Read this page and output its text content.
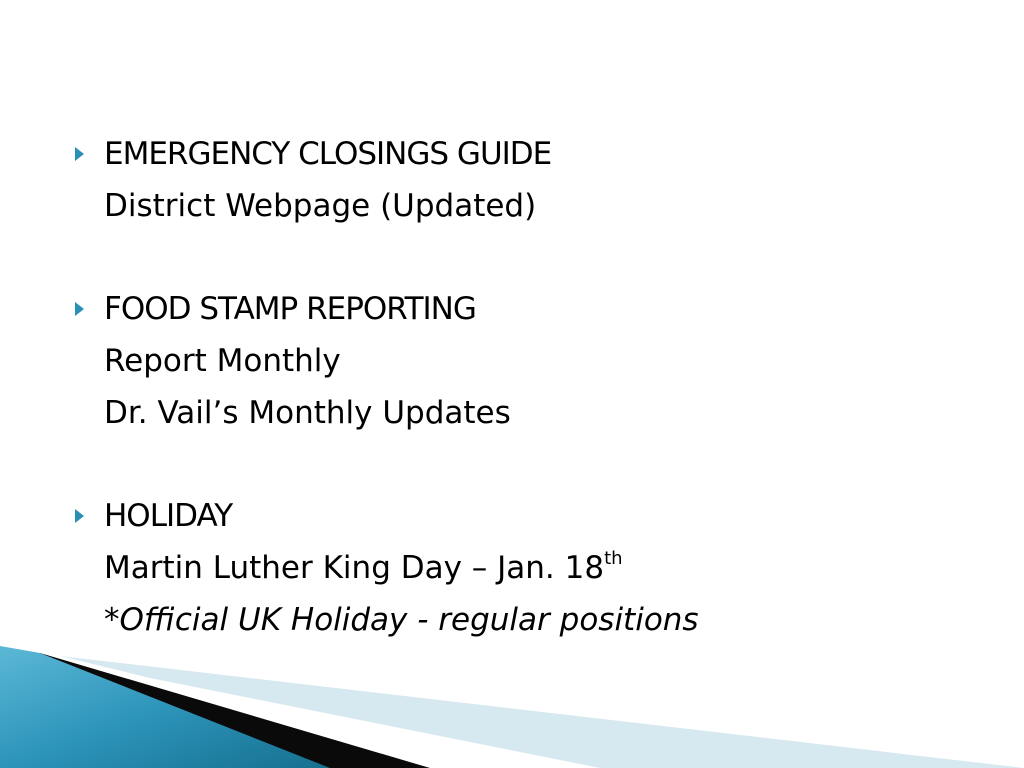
EMERGENCY CLOSINGS GUIDE
District Webpage (Updated)
FOOD STAMP REPORTING
Report Monthly
Dr. Vail’s Monthly Updates
HOLIDAY
Martin Luther King Day – Jan. 18th
*Official UK Holiday - regular positions
